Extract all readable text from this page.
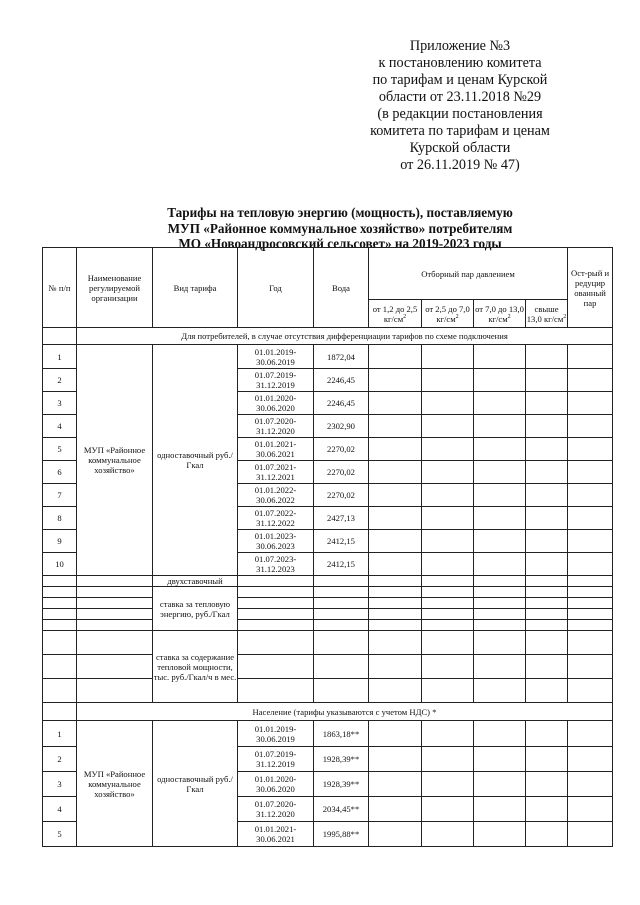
Приложение №3
к постановлению комитета
по тарифам и ценам Курской
области от 23.11.2018 №29
(в редакции постановления
комитета по тарифам и ценам
Курской области
от 26.11.2019 № 47)
Тарифы на тепловую энергию (мощность), поставляемую
МУП «Районное коммунальное хозяйство» потребителям
МО «Новоандросовский сельсовет» на 2019-2023 годы
№ п/п	Наименование регулируемой организации	Вид тарифа	Год	Вода	Отборный пар давлением				Ост-рый и редуцир ованный пар
					от 1,2 до 2,5 $кг/см^2$	от 2,5 до 7,0 $кг/см^2$	от 7,0 до 13,0 $кг/см^2$	свыше 13,0 $кг/см^2$
	Для потребителей, в случае отсутствия дифференциации тарифов по схеме подключения								
1	МУП «Районное коммунальное хозяйство»	одноставочный руб./Гкал	01.01.2019-30.06.2019	1872,04					
2			01.07.2019-31.12.2019	2246,45					
3			01.01.2020-30.06.2020	2246,45					
4			01.07.2020-31.12.2020	2302,90					
5			01.01.2021-30.06.2021	2270,02					
6			01.07.2021-31.12.2021	2270,02					
7			01.01.2022-30.06.2022	2270,02					
8			01.07.2022-31.12.2022	2427,13					
9			01.01.2023-30.06.2023	2412,15					
10			01.07.2023-31.12.2023	2412,15					
		двухставочный							
		ставка за тепловую энергию, руб./Гкал							

		ставка за содержание тепловой мощности, тыс. руб./Гкал/ч в мес.							

	Население (тарифы указываются с учетом НДС) *								
1	МУП «Районное коммунальное хозяйство»	одноставочный руб./Гкал	01.01.2019-30.06.2019	1863,18**					
2			01.07.2019-31.12.2019	1928,39**					
3			01.01.2020-30.06.2020	1928,39**					
4			01.07.2020-31.12.2020	2034,45**					
5			01.01.2021-30.06.2021	1995,88**					
